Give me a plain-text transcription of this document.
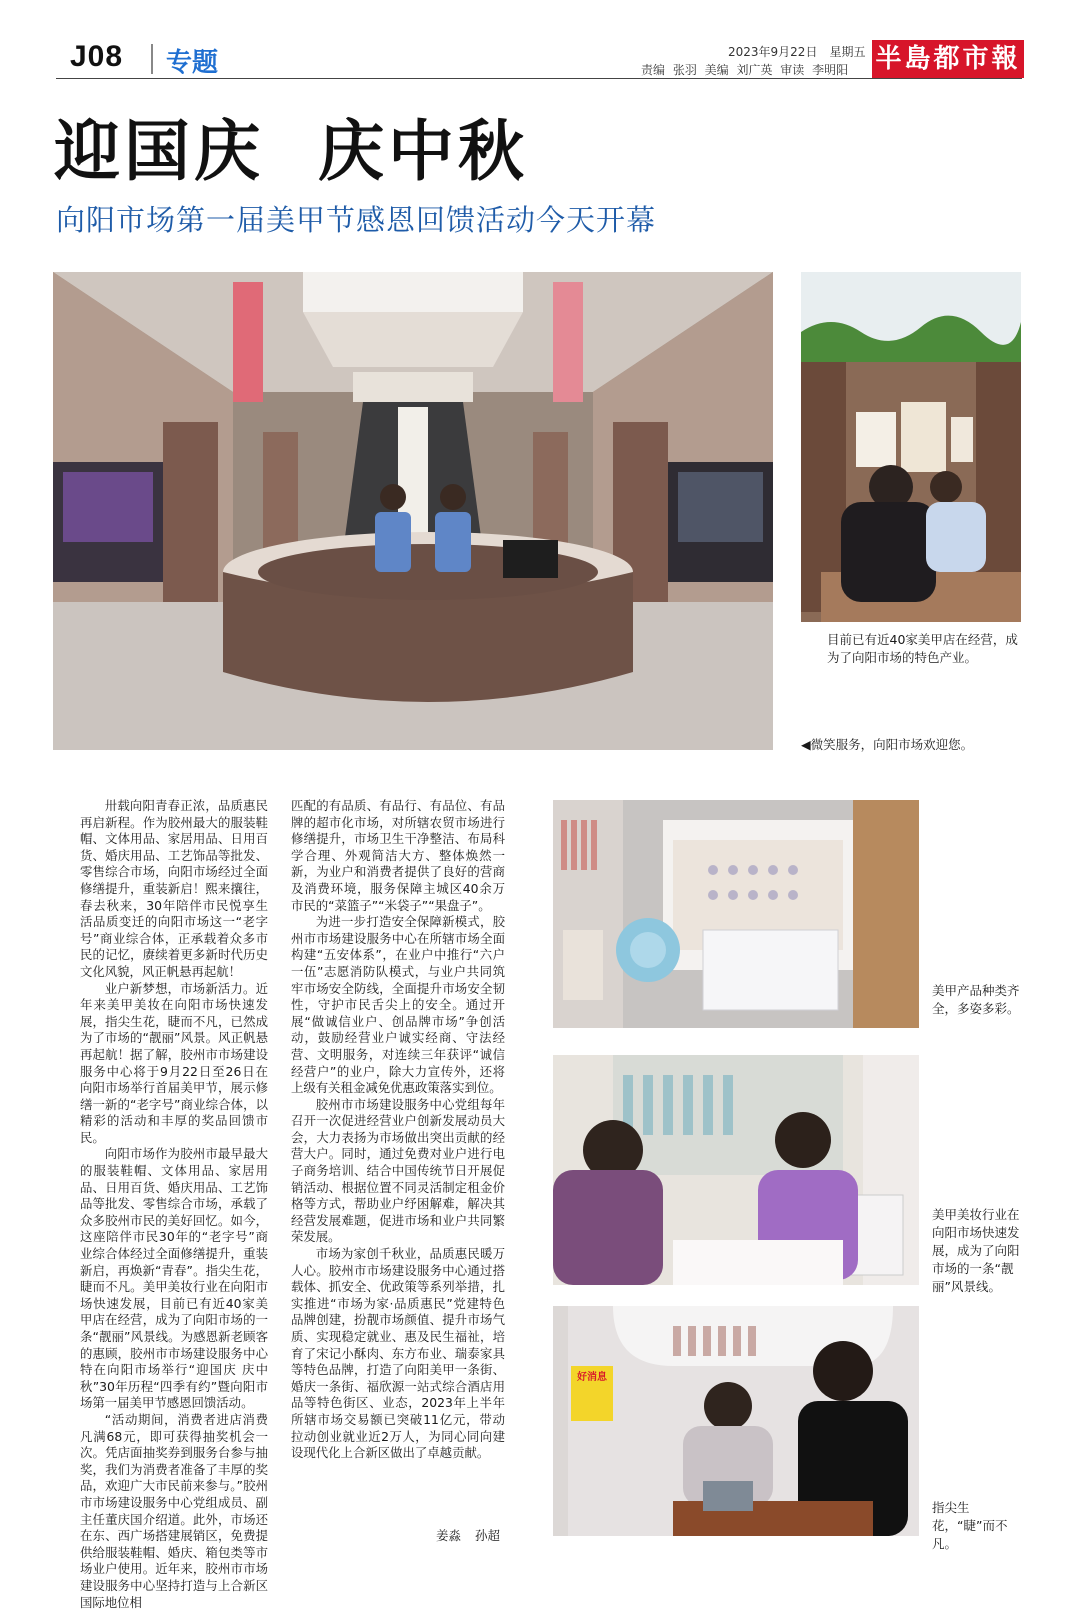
J08 专题	2023年9月22日　星期五
责编 张羽 美编 刘广英 审读 李明阳 半島都市報
迎国庆  庆中秋
向阳市场第一届美甲节感恩回馈活动今天开幕
目前已有近40家美甲店在经营，成为了向阳市场的特色产业。
◀微笑服务，向阳市场欢迎您。

卅载向阳青春正浓，品质惠民再启新程。作为胶州最大的服装鞋帽、文体用品、家居用品、日用百货、婚庆用品、工艺饰品等批发、零售综合市场，向阳市场经过全面修缮提升，重装新启！熙来攘往，春去秋来，30年陪伴市民悦享生活品质变迁的向阳市场这一“老字号”商业综合体，正承载着众多市民的记忆，赓续着更多新时代历史文化风貌，风正帆悬再起航！

业户新梦想，市场新活力。近年来美甲美妆在向阳市场快速发展，指尖生花，睫而不凡，已然成为了市场的“靓丽”风景。风正帆悬再起航！据了解，胶州市市场建设服务中心将于9月22日至26日在向阳市场举行首届美甲节，展示修缮一新的“老字号”商业综合体，以精彩的活动和丰厚的奖品回馈市民。

向阳市场作为胶州市最早最大的服装鞋帽、文体用品、家居用品、日用百货、婚庆用品、工艺饰品等批发、零售综合市场，承载了众多胶州市民的美好回忆。如今，这座陪伴市民30年的“老字号”商业综合体经过全面修缮提升，重装新启，再焕新“青春”。指尖生花，睫而不凡。美甲美妆行业在向阳市场快速发展，目前已有近40家美甲店在经营，成为了向阳市场的一条“靓丽”风景线。为感恩新老顾客的惠顾，胶州市市场建设服务中心特在向阳市场举行“迎国庆 庆中秋”30年历程“四季有约”暨向阳市场第一届美甲节感恩回馈活动。

“活动期间，消费者进店消费凡满68元，即可获得抽奖机会一次。凭店面抽奖券到服务台参与抽奖，我们为消费者准备了丰厚的奖品，欢迎广大市民前来参与。”胶州市市场建设服务中心党组成员、副主任董庆国介绍道。此外，市场还在东、西广场搭建展销区，免费提供给服装鞋帽、婚庆、箱包类等市场业户使用。近年来，胶州市市场建设服务中心坚持打造与上合新区国际地位相

匹配的有品质、有品行、有品位、有品牌的超市化市场，对所辖农贸市场进行修缮提升，市场卫生干净整洁、布局科学合理、外观简洁大方、整体焕然一新，为业户和消费者提供了良好的营商及消费环境，服务保障主城区40余万市民的“菜篮子”“米袋子”“果盘子”。

为进一步打造安全保障新模式，胶州市市场建设服务中心在所辖市场全面构建“五安体系”，在业户中推行“六户一伍”志愿消防队模式，与业户共同筑牢市场安全防线，全面提升市场安全韧性，守护市民舌尖上的安全。通过开展“做诚信业户、创品牌市场”争创活动，鼓励经营业户诚实经商、守法经营、文明服务，对连续三年获评“诚信经营户”的业户，除大力宣传外，还将上级有关租金减免优惠政策落实到位。

胶州市市场建设服务中心党组每年召开一次促进经营业户创新发展动员大会，大力表扬为市场做出突出贡献的经营大户。同时，通过免费对业户进行电子商务培训、结合中国传统节日开展促销活动、根据位置不同灵活制定租金价格等方式，帮助业户纾困解难，解决其经营发展难题，促进市场和业户共同繁荣发展。

市场为家创千秋业，品质惠民暖万人心。胶州市市场建设服务中心通过搭载体、抓安全、优政策等系列举措，扎实推进“市场为家·品质惠民”党建特色品牌创建，扮靓市场颜值、提升市场气质、实现稳定就业、惠及民生福祉，培育了宋记小酥肉、东方布业、瑞泰家具等特色品牌，打造了向阳美甲一条街、婚庆一条街、福欣源一站式综合酒店用品等特色街区、业态，2023年上半年所辖市场交易额已突破11亿元，带动拉动创业就业近2万人，为同心同向建设现代化上合新区做出了卓越贡献。

姜淼 孙超
美甲产品种类齐全，多姿多彩。
美甲美妆行业在向阳市场快速发展，成为了向阳市场的一条“靓丽”风景线。
好消息
指尖生花，“睫”而不凡。
